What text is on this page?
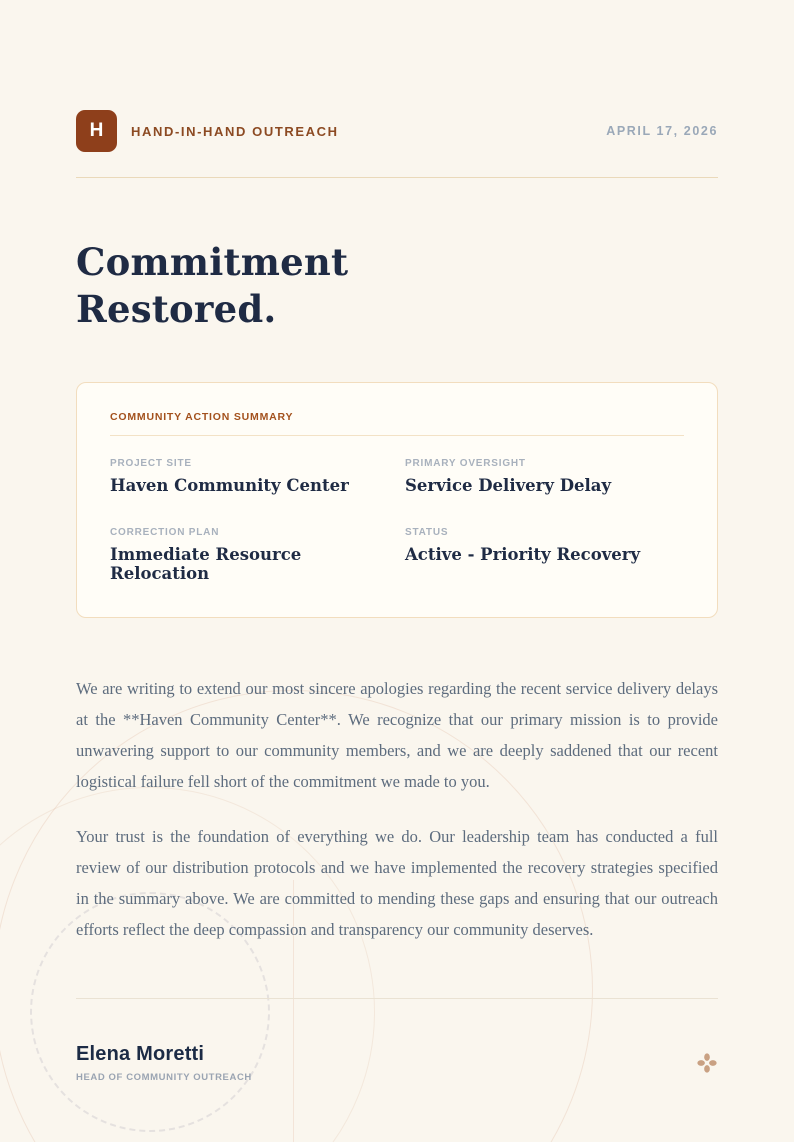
H HAND-IN-HAND OUTREACH	APRIL 17, 2026
Commitment
Restored.
COMMUNITY ACTION SUMMARY
PROJECT SITE
Haven Community Center
PRIMARY OVERSIGHT
Service Delivery Delay
CORRECTION PLAN
Immediate Resource Relocation
STATUS
Active - Priority Recovery

We are writing to extend our most sincere apologies regarding the recent service delivery delays at the **Haven Community Center**. We recognize that our primary mission is to provide unwavering support to our community members, and we are deeply saddened that our recent logistical failure fell short of the commitment we made to you.

Your trust is the foundation of everything we do. Our leadership team has conducted a full review of our distribution protocols and we have implemented the recovery strategies specified in the summary above. We are committed to mending these gaps and ensuring that our outreach efforts reflect the deep compassion and transparency our community deserves.

Elena Moretti
HEAD OF COMMUNITY OUTREACH
